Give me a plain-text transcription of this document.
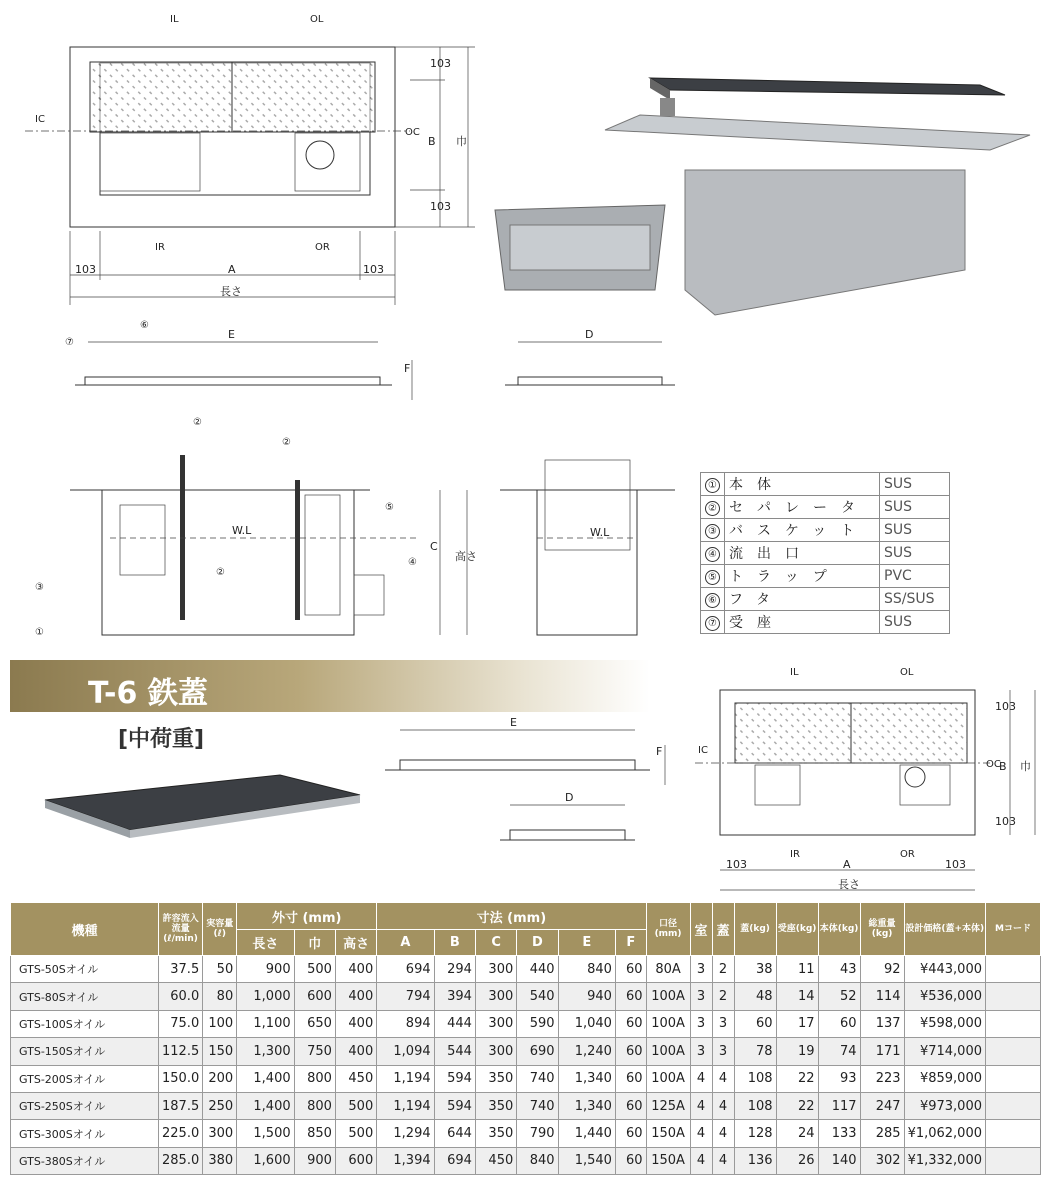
IL	OL
IC
OC
IR	OR
103	103
A
長さ
B 巾
103
103
E
F
⑦
⑥
D
W.L
C
高さ
②
②
②
③
①
⑤
④
W.L
①	本体	SUS
②	セパレータ	SUS
③	バスケット	SUS
④	流出口	SUS
⑤	トラップ	PVC
⑥	フタ	SS/SUS
⑦	受座	SUS
T-6 鉄蓋
[中荷重]
E
F
D
IL	OL
IC
OC
IR	OR
103	103
A
長さ
B 巾
103
103
機種	許容流入流量(ℓ/min)	実容量(ℓ)	外寸 (mm)			寸法 (mm)						口径(mm)	室	蓋	蓋(kg)	受座(kg)	本体(kg)	総重量(kg)	設計価格(蓋+本体)	Mコード
			長さ	巾	高さ	A	B	C	D	E	F									
GTS-50Sオイル	37.5	50	900	500	400	694	294	300	440	840	60	80A	3	2	38	11	43	92	¥443,000	
GTS-80Sオイル	60.0	80	1,000	600	400	794	394	300	540	940	60	100A	3	2	48	14	52	114	¥536,000	
GTS-100Sオイル	75.0	100	1,100	650	400	894	444	300	590	1,040	60	100A	3	3	60	17	60	137	¥598,000	
GTS-150Sオイル	112.5	150	1,300	750	400	1,094	544	300	690	1,240	60	100A	3	3	78	19	74	171	¥714,000	
GTS-200Sオイル	150.0	200	1,400	800	450	1,194	594	350	740	1,340	60	100A	4	4	108	22	93	223	¥859,000	
GTS-250Sオイル	187.5	250	1,400	800	500	1,194	594	350	740	1,340	60	125A	4	4	108	22	117	247	¥973,000	
GTS-300Sオイル	225.0	300	1,500	850	500	1,294	644	350	790	1,440	60	150A	4	4	128	24	133	285	¥1,062,000	
GTS-380Sオイル	285.0	380	1,600	900	600	1,394	694	450	840	1,540	60	150A	4	4	136	26	140	302	¥1,332,000	
